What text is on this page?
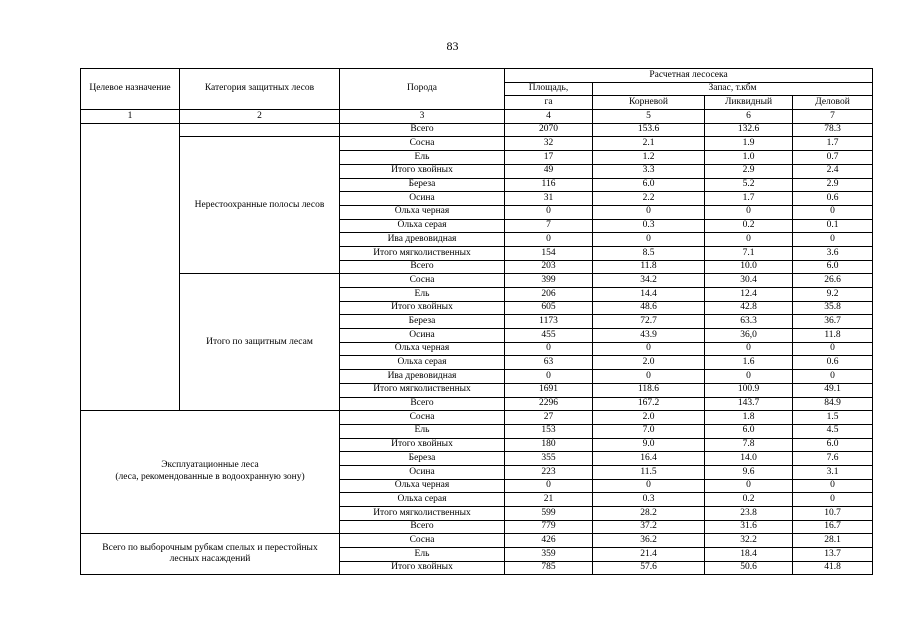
83
Целевое назначение	Категория защитных лесов	Порода	Расчетная лесосека			
			Площадь,	Запас, т.кбм		
			га	Корневой	Ликвидный	Деловой
1	2	3	4	5	6	7
		Всего	2070	153.6	132.6	78.3
	Нерестоохранные полосы лесов	Сосна	32	2.1	1.9	1.7
		Ель	17	1.2	1.0	0.7
		Итого хвойных	49	3.3	2.9	2.4
		Береза	116	6.0	5.2	2.9
		Осина	31	2.2	1.7	0.6
		Ольха черная	0	0	0	0
		Ольха серая	7	0.3	0.2	0.1
		Ива древовидная	0	0	0	0
		Итого мягколиственных	154	8.5	7.1	3.6
		Всего	203	11.8	10.0	6.0
	Итого по защитным лесам	Сосна	399	34.2	30.4	26.6
		Ель	206	14.4	12.4	9.2
		Итого хвойных	605	48.6	42.8	35.8
		Береза	1173	72.7	63.3	36.7
		Осина	455	43.9	36,0	11.8
		Ольха черная	0	0	0	0
		Ольха серая	63	2.0	1.6	0.6
		Ива древовидная	0	0	0	0
		Итого мягколиственных	1691	118.6	100.9	49.1
		Всего	2296	167.2	143.7	84.9
Эксплуатационные леса
(леса, рекомендованные в водоохранную зону)		Сосна	27	2.0	1.8	1.5
		Ель	153	7.0	6.0	4.5
		Итого хвойных	180	9.0	7.8	6.0
		Береза	355	16.4	14.0	7.6
		Осина	223	11.5	9.6	3.1
		Ольха черная	0	0	0	0
		Ольха серая	21	0.3	0.2	0
		Итого мягколиственных	599	28.2	23.8	10.7
		Всего	779	37.2	31.6	16.7
Всего по выборочным рубкам спелых и перестойных
лесных насаждений		Сосна	426	36.2	32.2	28.1
		Ель	359	21.4	18.4	13.7
		Итого хвойных	785	57.6	50.6	41.8
